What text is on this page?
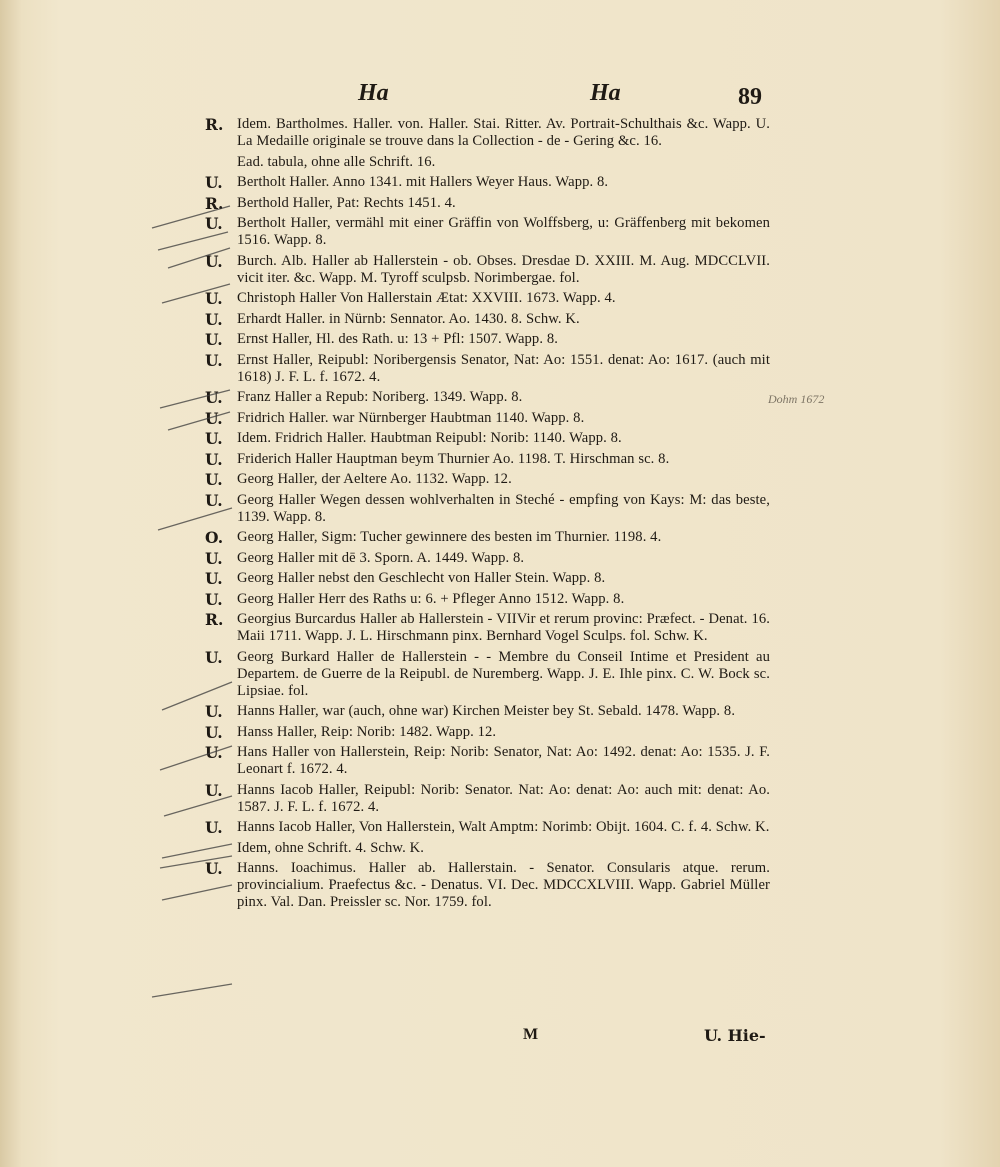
Ha	Ha	89
R. Idem. Bartholmes. Haller. von. Haller. Stai. Ritter. Av. Portrait-Schulthais &c. Wapp. U. La Medaille originale se trouve dans la Collection - de - Gering &c. 16.
Ead. tabula, ohne alle Schrift. 16.
U. Bertholt Haller. Anno 1341. mit Hallers Weyer Haus. Wapp. 8.
R. Berthold Haller, Pat: Rechts 1451. 4.
U. Bertholt Haller, vermähl mit einer Gräffin von Wolffsberg, u: Gräffenberg mit bekomen 1516. Wapp. 8.
U. Burch. Alb. Haller ab Hallerstein - ob. Obses. Dresdae D. XXIII. M. Aug. MDCCLVII. vicit iter. &c. Wapp. M. Tyroff sculpsb. Norimbergae. fol.
U. Christoph Haller Von Hallerstain Ætat: XXVIII. 1673. Wapp. 4.
U. Erhardt Haller. in Nürnb: Sennator. Ao. 1430. 8. Schw. K.
U. Ernst Haller, Hl. des Rath. u: 13 + Pfl: 1507. Wapp. 8.
U. Ernst Haller, Reipubl: Noribergensis Senator, Nat: Ao: 1551. denat: Ao: 1617. (auch mit 1618) J. F. L. f. 1672. 4.
U. Franz Haller a Repub: Noriberg. 1349. Wapp. 8.
U. Fridrich Haller. war Nürnberger Haubtman 1140. Wapp. 8.
U. Idem. Fridrich Haller. Haubtman Reipubl: Norib: 1140. Wapp. 8.
U. Friderich Haller Hauptman beym Thurnier Ao. 1198. T. Hirschman sc. 8.
U. Georg Haller, der Aeltere Ao. 1132. Wapp. 12.
U. Georg Haller Wegen dessen wohlverhalten in Steché - empfing von Kays: M: das beste, 1139. Wapp. 8.
O. Georg Haller, Sigm: Tucher gewinnere des besten im Thurnier. 1198. 4.
U. Georg Haller mit dē 3. Sporn. A. 1449. Wapp. 8.
U. Georg Haller nebst den Geschlecht von Haller Stein. Wapp. 8.
U. Georg Haller Herr des Raths u: 6. + Pfleger Anno 1512. Wapp. 8.
R. Georgius Burcardus Haller ab Hallerstein - VIIVir et rerum provinc: Præfect. - Denat. 16. Maii 1711. Wapp. J. L. Hirschmann pinx. Bernhard Vogel Sculps. fol. Schw. K.
U. Georg Burkard Haller de Hallerstein - - Membre du Conseil Intime et President au Departem. de Guerre de la Reipubl. de Nuremberg. Wapp. J. E. Ihle pinx. C. W. Bock sc. Lipsiae. fol.
U. Hanns Haller, war (auch, ohne war) Kirchen Meister bey St. Sebald. 1478. Wapp. 8.
U. Hanss Haller, Reip: Norib: 1482. Wapp. 12.
U. Hans Haller von Hallerstein, Reip: Norib: Senator, Nat: Ao: 1492. denat: Ao: 1535. J. F. Leonart f. 1672. 4.
U. Hanns Iacob Haller, Reipubl: Norib: Senator. Nat: Ao: denat: Ao: auch mit: denat: Ao. 1587. J. F. L. f. 1672. 4.
U. Hanns Iacob Haller, Von Hallerstein, Walt Amptm: Norimb: Obijt. 1604. C. f. 4. Schw. K.
Idem, ohne Schrift. 4. Schw. K.
U. Hanns. Ioachimus. Haller ab. Hallerstain. - Senator. Consularis atque. rerum. provincialium. Praefectus &c. - Denatus. VI. Dec. MDCCXLVIII. Wapp. Gabriel Müller pinx. Val. Dan. Preissler sc. Nor. 1759. fol.
M	U. Hie-
Dohm 1672
